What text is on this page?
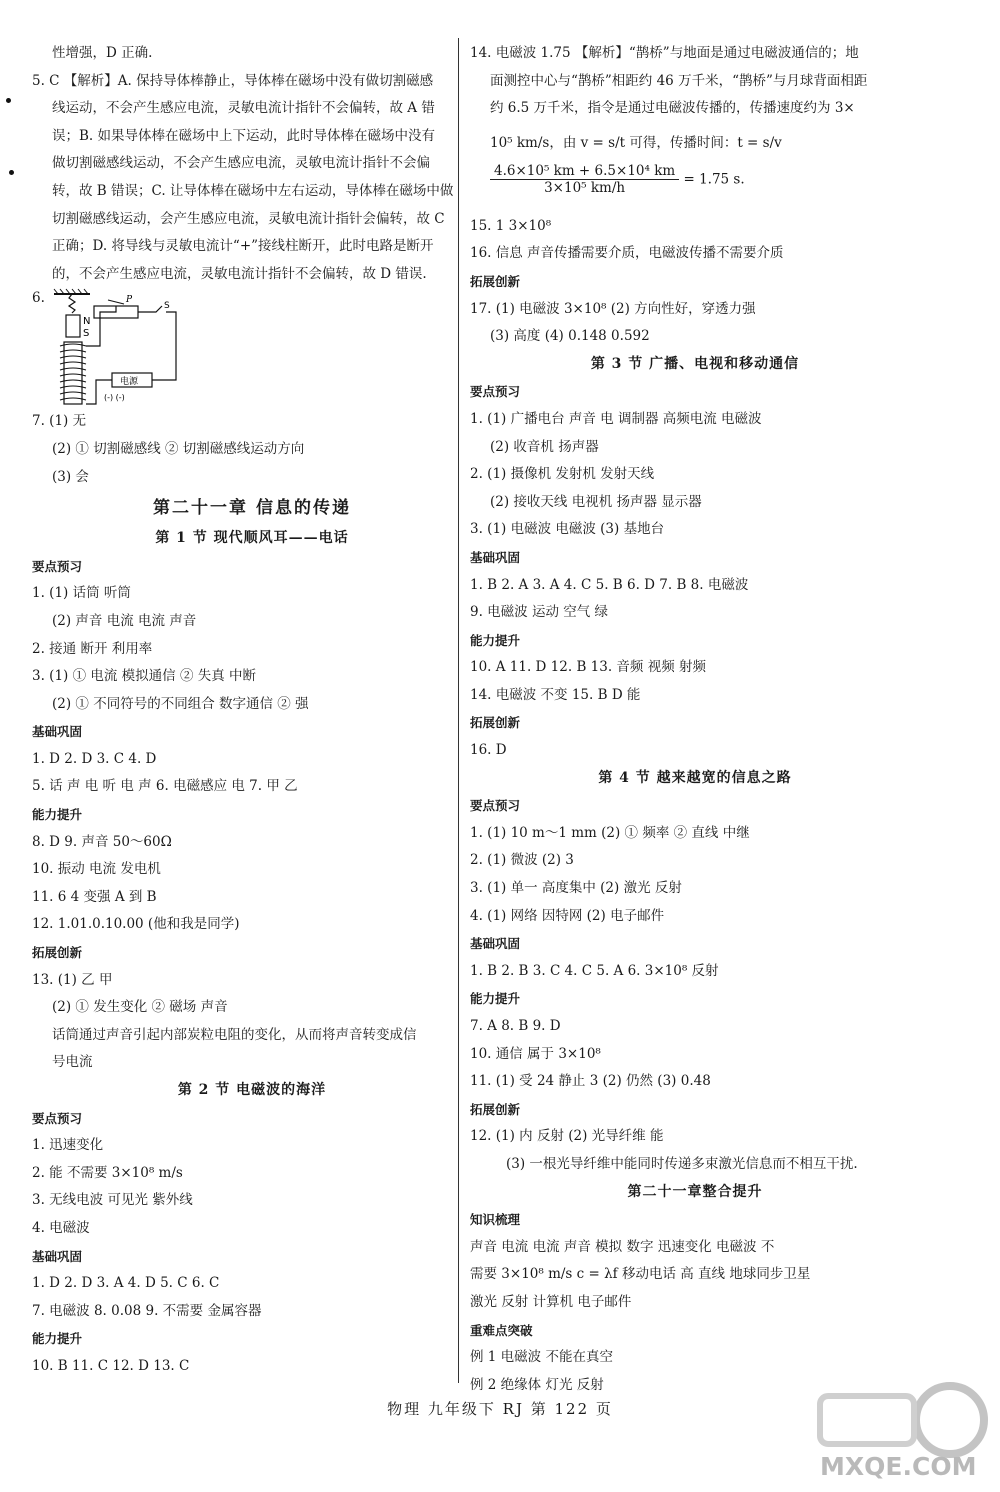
性增强，D 正确.
5. C 【解析】A. 保持导体棒静止，导体棒在磁场中没有做切割磁感
线运动，不会产生感应电流，灵敏电流计指针不会偏转，故 A 错
误；B. 如果导体棒在磁场中上下运动，此时导体棒在磁场中没有
做切割磁感线运动，不会产生感应电流，灵敏电流计指针不会偏
转，故 B 错误；C. 让导体棒在磁场中左右运动，导体棒在磁场中做
切割磁感线运动，会产生感应电流，灵敏电流计指针会偏转，故 C
正确；D. 将导线与灵敏电流计“+”接线柱断开，此时电路是断开
的，不会产生感应电流，灵敏电流计指针不会偏转，故 D 错误.
6.
N
S
P
S
电源
(-) (-)
7. (1) 无
(2) ① 切割磁感线 ② 切割磁感线运动方向
(3) 会
第二十一章 信息的传递
第 1 节 现代顺风耳——电话
要点预习
1. (1) 话筒 听筒
(2) 声音 电流 电流 声音
2. 接通 断开 利用率
3. (1) ① 电流 模拟通信 ② 失真 中断
(2) ① 不同符号的不同组合 数字通信 ② 强
基础巩固
1. D 2. D 3. C 4. D
5. 话 声 电 听 电 声 6. 电磁感应 电 7. 甲 乙
能力提升
8. D 9. 声音 50～60Ω
10. 振动 电流 发电机
11. 6 4 变强 A 到 B
12. 1.01.0.10.00 (他和我是同学)
拓展创新
13. (1) 乙 甲
(2) ① 发生变化 ② 磁场 声音
话筒通过声音引起内部炭粒电阻的变化，从而将声音转变成信
号电流
第 2 节 电磁波的海洋
要点预习
1. 迅速变化
2. 能 不需要 3×10⁸ m/s
3. 无线电波 可见光 紫外线
4. 电磁波
基础巩固
1. D 2. D 3. A 4. D 5. C 6. C
7. 电磁波 8. 0.08 9. 不需要 金属容器
能力提升
10. B 11. C 12. D 13. C
14. 电磁波 1.75 【解析】“鹊桥”与地面是通过电磁波通信的；地
面测控中心与“鹊桥”相距约 46 万千米，“鹊桥”与月球背面相距
约 6.5 万千米，指令是通过电磁波传播的，传播速度约为 3×
10⁵ km/s，由 v = s/t 可得，传播时间：t = s/v
$\frac{\text{4.6×10⁵ km + 6.5×10⁴ km}}{\text{3×10⁵ km/h}} = 1.75$ s.
15. 1 3×10⁸
16. 信息 声音传播需要介质，电磁波传播不需要介质
拓展创新
17. (1) 电磁波 3×10⁸ (2) 方向性好，穿透力强
(3) 高度 (4) 0.148 0.592
第 3 节 广播、电视和移动通信
要点预习
1. (1) 广播电台 声音 电 调制器 高频电流 电磁波
(2) 收音机 扬声器
2. (1) 摄像机 发射机 发射天线
(2) 接收天线 电视机 扬声器 显示器
3. (1) 电磁波 电磁波 (3) 基地台
基础巩固
1. B 2. A 3. A 4. C 5. B 6. D 7. B 8. 电磁波
9. 电磁波 运动 空气 绿
能力提升
10. A 11. D 12. B 13. 音频 视频 射频
14. 电磁波 不变 15. B D 能
拓展创新
16. D
第 4 节 越来越宽的信息之路
要点预习
1. (1) 10 m～1 mm (2) ① 频率 ② 直线 中继
2. (1) 微波 (2) 3
3. (1) 单一 高度集中 (2) 激光 反射
4. (1) 网络 因特网 (2) 电子邮件
基础巩固
1. B 2. B 3. C 4. C 5. A 6. 3×10⁸ 反射
能力提升
7. A 8. B 9. D
10. 通信 属于 3×10⁸
11. (1) 受 24 静止 3 (2) 仍然 (3) 0.48
拓展创新
12. (1) 内 反射 (2) 光导纤维 能
(3) 一根光导纤维中能同时传递多束激光信息而不相互干扰.
第二十一章整合提升
知识梳理
声音 电流 电流 声音 模拟 数字 迅速变化 电磁波 不
需要 3×10⁸ m/s c = λf 移动电话 高 直线 地球同步卫星
激光 反射 计算机 电子邮件
重难点突破
例 1 电磁波 不能在真空
例 2 绝缘体 灯光 反射
物理 九年级下 RJ 第 122 页
MXQE.COM
